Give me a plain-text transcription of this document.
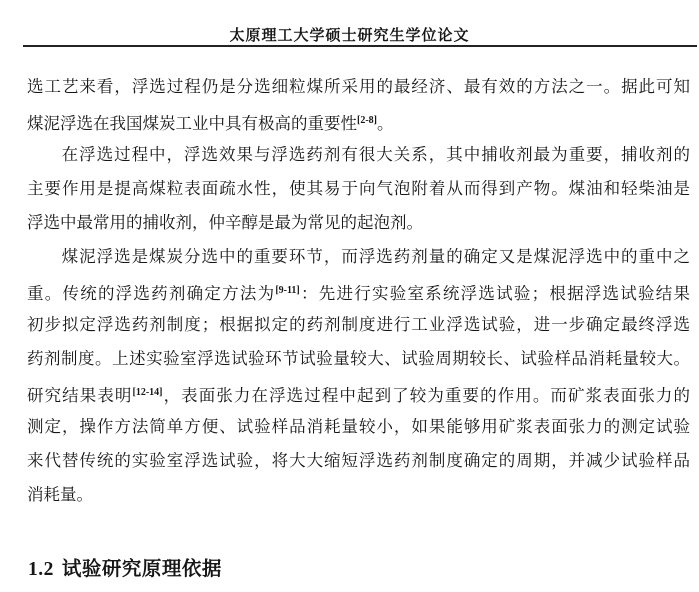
太原理工大学硕士研究生学位论文
选工艺来看，浮选过程仍是分选细粒煤所采用的最经济、最有效的方法之一。据此可知
煤泥浮选在我国煤炭工业中具有极高的重要性[2-8]。
在浮选过程中，浮选效果与浮选药剂有很大关系，其中捕收剂最为重要，捕收剂的
主要作用是提高煤粒表面疏水性，使其易于向气泡附着从而得到产物。煤油和轻柴油是
浮选中最常用的捕收剂，仲辛醇是最为常见的起泡剂。
煤泥浮选是煤炭分选中的重要环节，而浮选药剂量的确定又是煤泥浮选中的重中之
重。传统的浮选药剂确定方法为[9-11]：先进行实验室系统浮选试验；根据浮选试验结果
初步拟定浮选药剂制度；根据拟定的药剂制度进行工业浮选试验，进一步确定最终浮选
药剂制度。上述实验室浮选试验环节试验量较大、试验周期较长、试验样品消耗量较大。
研究结果表明[12-14]，表面张力在浮选过程中起到了较为重要的作用。而矿浆表面张力的
测定，操作方法简单方便、试验样品消耗量较小，如果能够用矿浆表面张力的测定试验
来代替传统的实验室浮选试验，将大大缩短浮选药剂制度确定的周期，并减少试验样品
消耗量。
1.2 试验研究原理依据
